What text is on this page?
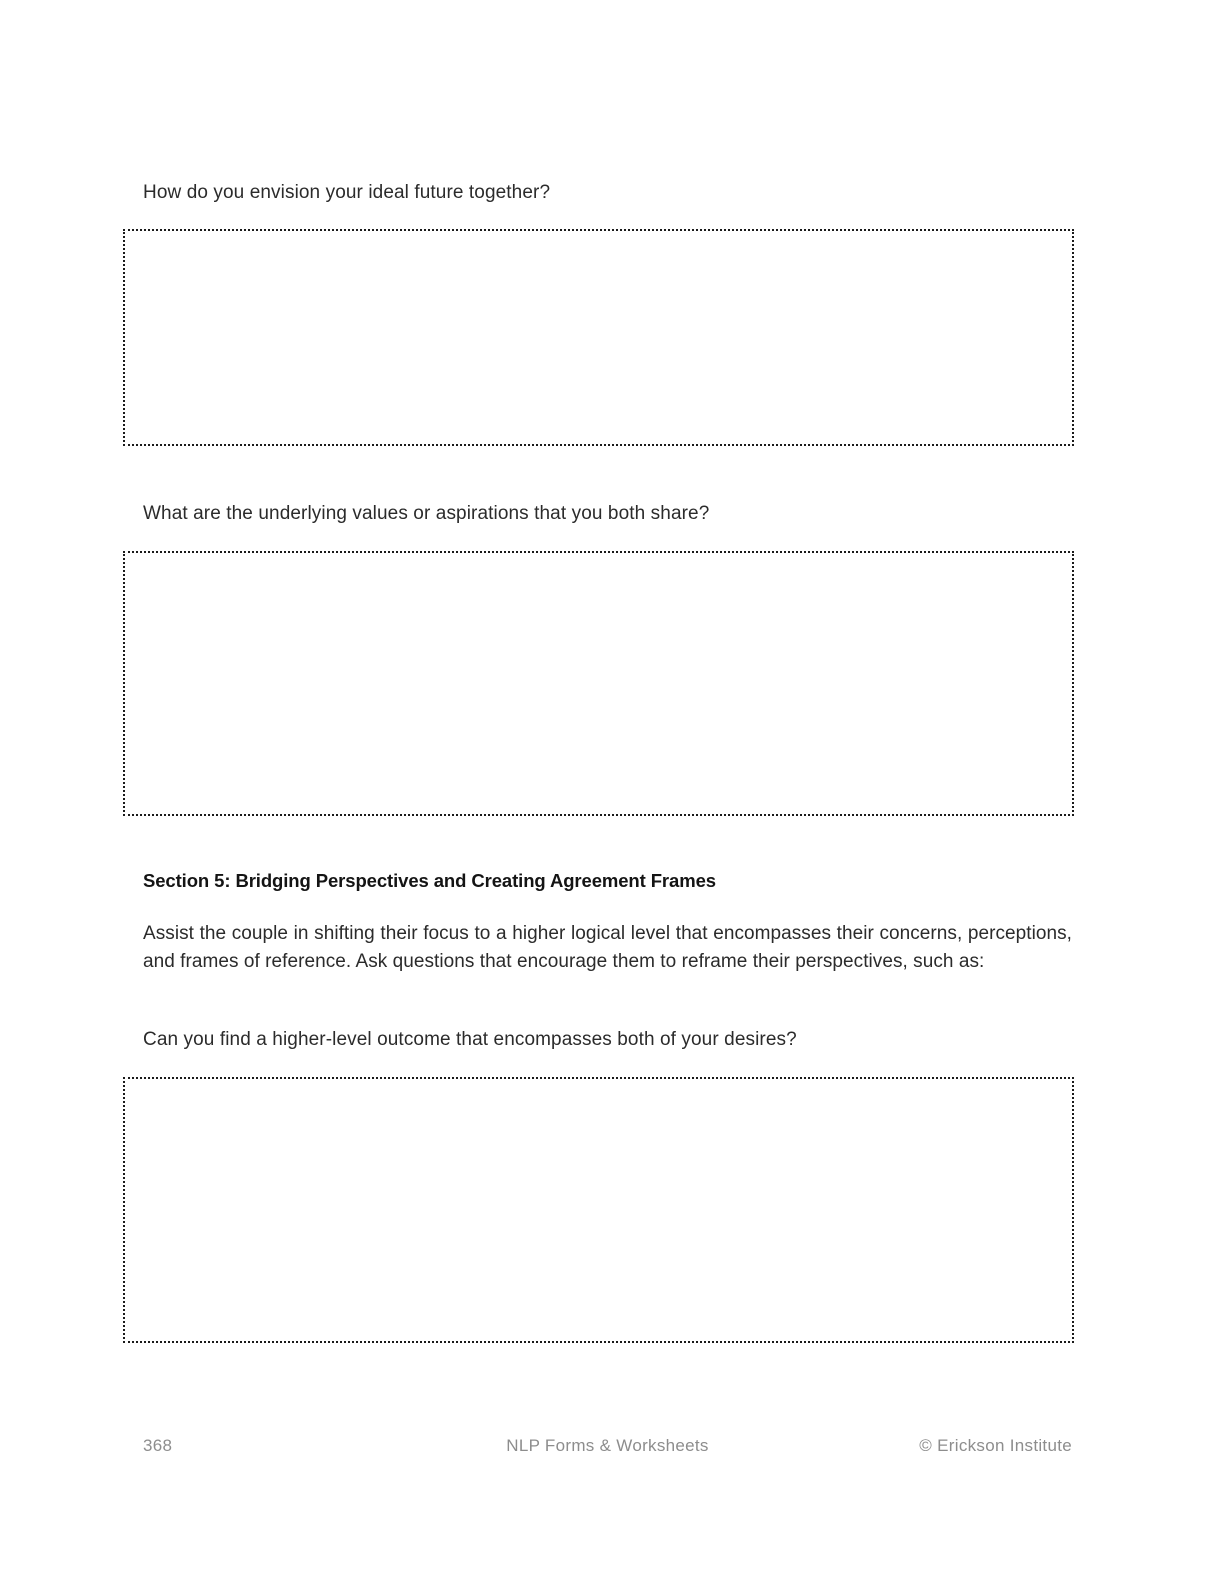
How do you envision your ideal future together?

What are the underlying values or aspirations that you both share?

Section 5: Bridging Perspectives and Creating Agreement Frames

Assist the couple in shifting their focus to a higher logical level that encompasses their concerns, perceptions, and frames of reference. Ask questions that encourage them to reframe their perspectives, such as:

Can you find a higher-level outcome that encompasses both of your desires?

368	NLP Forms & Worksheets	© Erickson Institute
